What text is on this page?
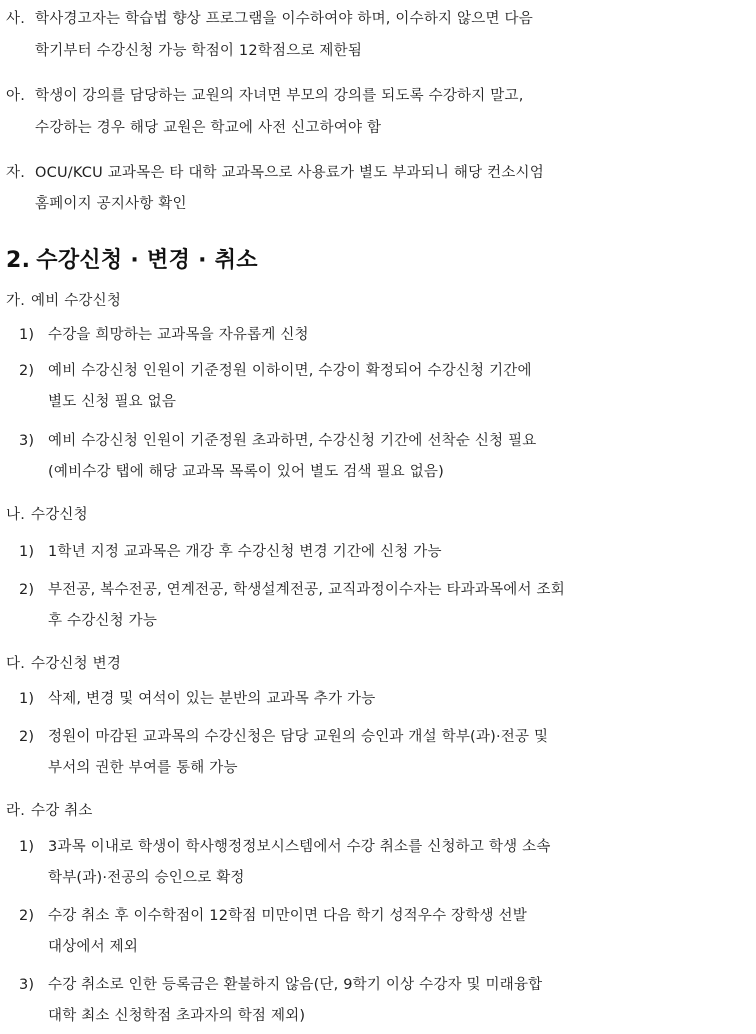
사. 학사경고자는 학습법 향상 프로그램을 이수하여야 하며, 이수하지 않으면 다음
학기부터 수강신청 가능 학점이 12학점으로 제한됨
아. 학생이 강의를 담당하는 교원의 자녀면 부모의 강의를 되도록 수강하지 말고,
수강하는 경우 해당 교원은 학교에 사전 신고하여야 함
자. OCU/KCU 교과목은 타 대학 교과목으로 사용료가 별도 부과되니 해당 컨소시엄
홈페이지 공지사항 확인
2. 수강신청 · 변경 · 취소
가. 예비 수강신청
1) 수강을 희망하는 교과목을 자유롭게 신청
2) 예비 수강신청 인원이 기준정원 이하이면, 수강이 확정되어 수강신청 기간에
별도 신청 필요 없음
3) 예비 수강신청 인원이 기준정원 초과하면, 수강신청 기간에 선착순 신청 필요
(예비수강 탭에 해당 교과목 목록이 있어 별도 검색 필요 없음)
나. 수강신청
1) 1학년 지정 교과목은 개강 후 수강신청 변경 기간에 신청 가능
2) 부전공, 복수전공, 연계전공, 학생설계전공, 교직과정이수자는 타과과목에서 조회
후 수강신청 가능
다. 수강신청 변경
1) 삭제, 변경 및 여석이 있는 분반의 교과목 추가 가능
2) 정원이 마감된 교과목의 수강신청은 담당 교원의 승인과 개설 학부(과)·전공 및
부서의 권한 부여를 통해 가능
라. 수강 취소
1) 3과목 이내로 학생이 학사행정정보시스템에서 수강 취소를 신청하고 학생 소속
학부(과)·전공의 승인으로 확정
2) 수강 취소 후 이수학점이 12학점 미만이면 다음 학기 성적우수 장학생 선발
대상에서 제외
3) 수강 취소로 인한 등록금은 환불하지 않음(단, 9학기 이상 수강자 및 미래융합
대학 최소 신청학점 초과자의 학점 제외)
